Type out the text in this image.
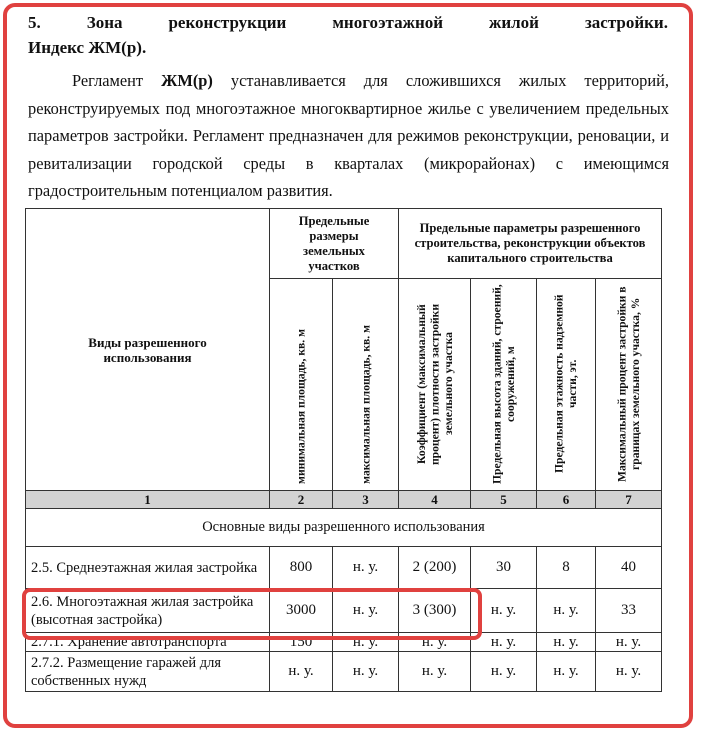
5.	Зона	реконструкции	многоэтажной	жилой	застройки.
Индекс ЖМ(р).
Регламент ЖМ(р) устанавливается для сложившихся жилых территорий, реконструируемых под многоэтажное многоквартирное жилье с увеличением предельных параметров застройки. Регламент предназначен для режимов реконструкции, реновации, и ревитализации городской среды в кварталах (микрорайонах) с имеющимся градостроительным потенциалом развития.
Виды разрешенного использования	Предельные размеры земельных участков		Предельные параметры разрешенного строительства, реконструкции объектов капитального строительства			

	минимальная площадь, кв. м	максимальная площадь, кв. м	Коэффициент (максимальный процент) плотности застройки земельного участка	Предельная высота зданий, строений, сооружений, м	Предельная этажность надземной части, эт.	Максимальный процент застройки в границах земельного участка, %

1	2	3	4	5	6	7
Основные виды разрешенного использования						
2.5. Среднеэтажная жилая застройка	800	н. у.	2 (200)	30	8	40
2.6. Многоэтажная жилая застройка (высотная застройка)	3000	н. у.	3 (300)	н. у.	н. у.	33
2.7.1. Хранение автотранспорта	150	н. у.	н. у.	н. у.	н. у.	н. у.
2.7.2. Размещение гаражей для собственных нужд	н. у.	н. у.	н. у.	н. у.	н. у.	н. у.
